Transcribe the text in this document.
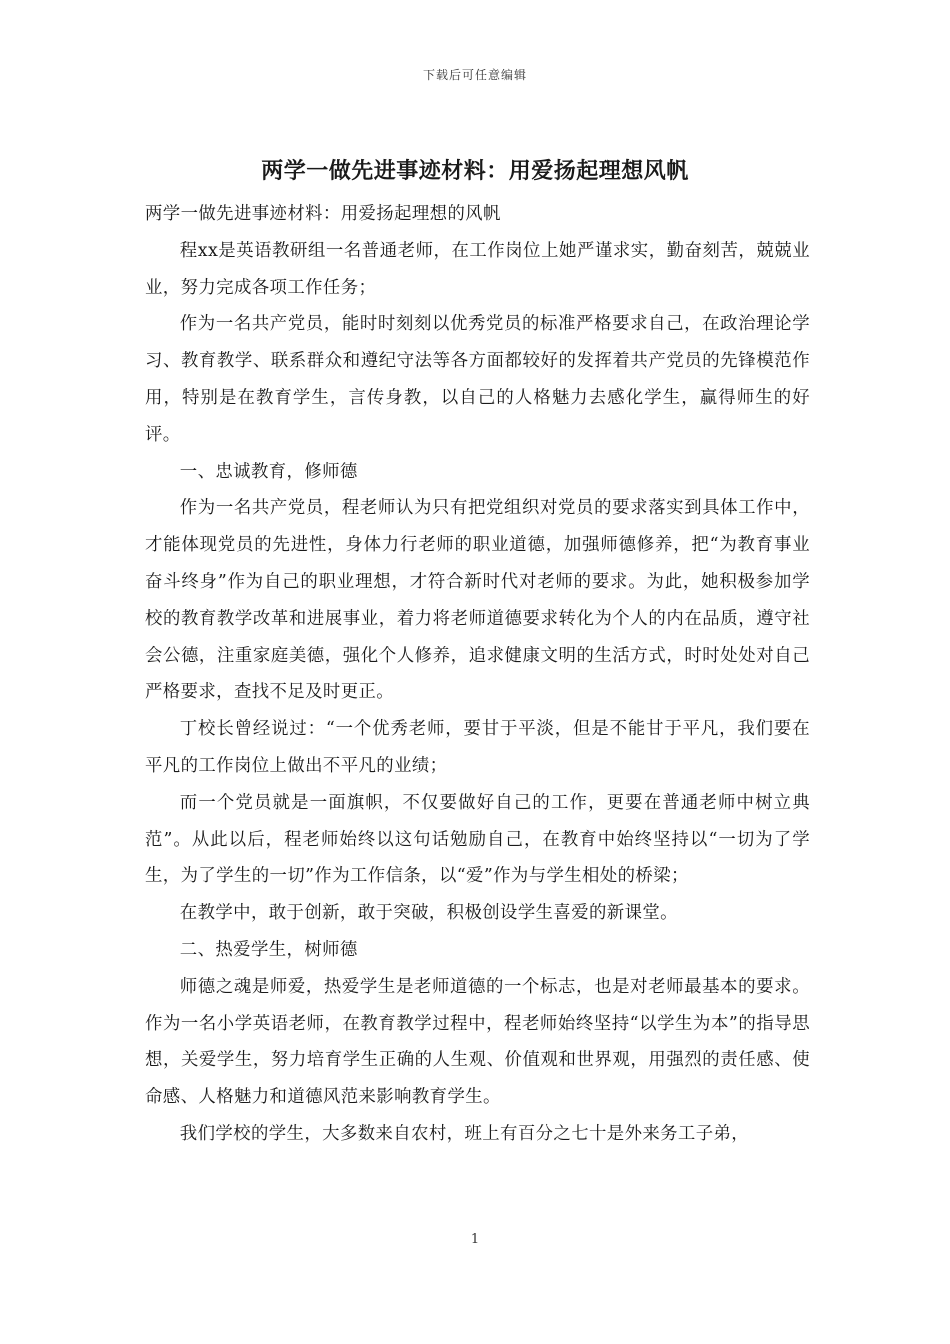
下载后可任意编辑
两学一做先进事迹材料：用爱扬起理想风帆

两学一做先进事迹材料：用爱扬起理想的风帆

程xx是英语教研组一名普通老师，在工作岗位上她严谨求实，勤奋刻苦，兢兢业业，努力完成各项工作任务；

作为一名共产党员，能时时刻刻以优秀党员的标准严格要求自己，在政治理论学习、教育教学、联系群众和遵纪守法等各方面都较好的发挥着共产党员的先锋模范作用，特别是在教育学生，言传身教，以自己的人格魅力去感化学生，赢得师生的好评。

一、忠诚教育，修师德

作为一名共产党员，程老师认为只有把党组织对党员的要求落实到具体工作中，才能体现党员的先进性，身体力行老师的职业道德，加强师德修养，把“为教育事业奋斗终身”作为自己的职业理想，才符合新时代对老师的要求。为此，她积极参加学校的教育教学改革和进展事业，着力将老师道德要求转化为个人的内在品质，遵守社会公德，注重家庭美德，强化个人修养，追求健康文明的生活方式，时时处处对自己严格要求，查找不足及时更正。

丁校长曾经说过：“一个优秀老师，要甘于平淡，但是不能甘于平凡，我们要在平凡的工作岗位上做出不平凡的业绩；

而一个党员就是一面旗帜，不仅要做好自己的工作，更要在普通老师中树立典范”。从此以后，程老师始终以这句话勉励自己，在教育中始终坚持以“一切为了学生，为了学生的一切”作为工作信条，以“爱”作为与学生相处的桥梁；

在教学中，敢于创新，敢于突破，积极创设学生喜爱的新课堂。

二、热爱学生，树师德

师德之魂是师爱，热爱学生是老师道德的一个标志，也是对老师最基本的要求。作为一名小学英语老师，在教育教学过程中，程老师始终坚持“以学生为本”的指导思想，关爱学生，努力培育学生正确的人生观、价值观和世界观，用强烈的责任感、使命感、人格魅力和道德风范来影响教育学生。

我们学校的学生，大多数来自农村，班上有百分之七十是外来务工子弟，

1
